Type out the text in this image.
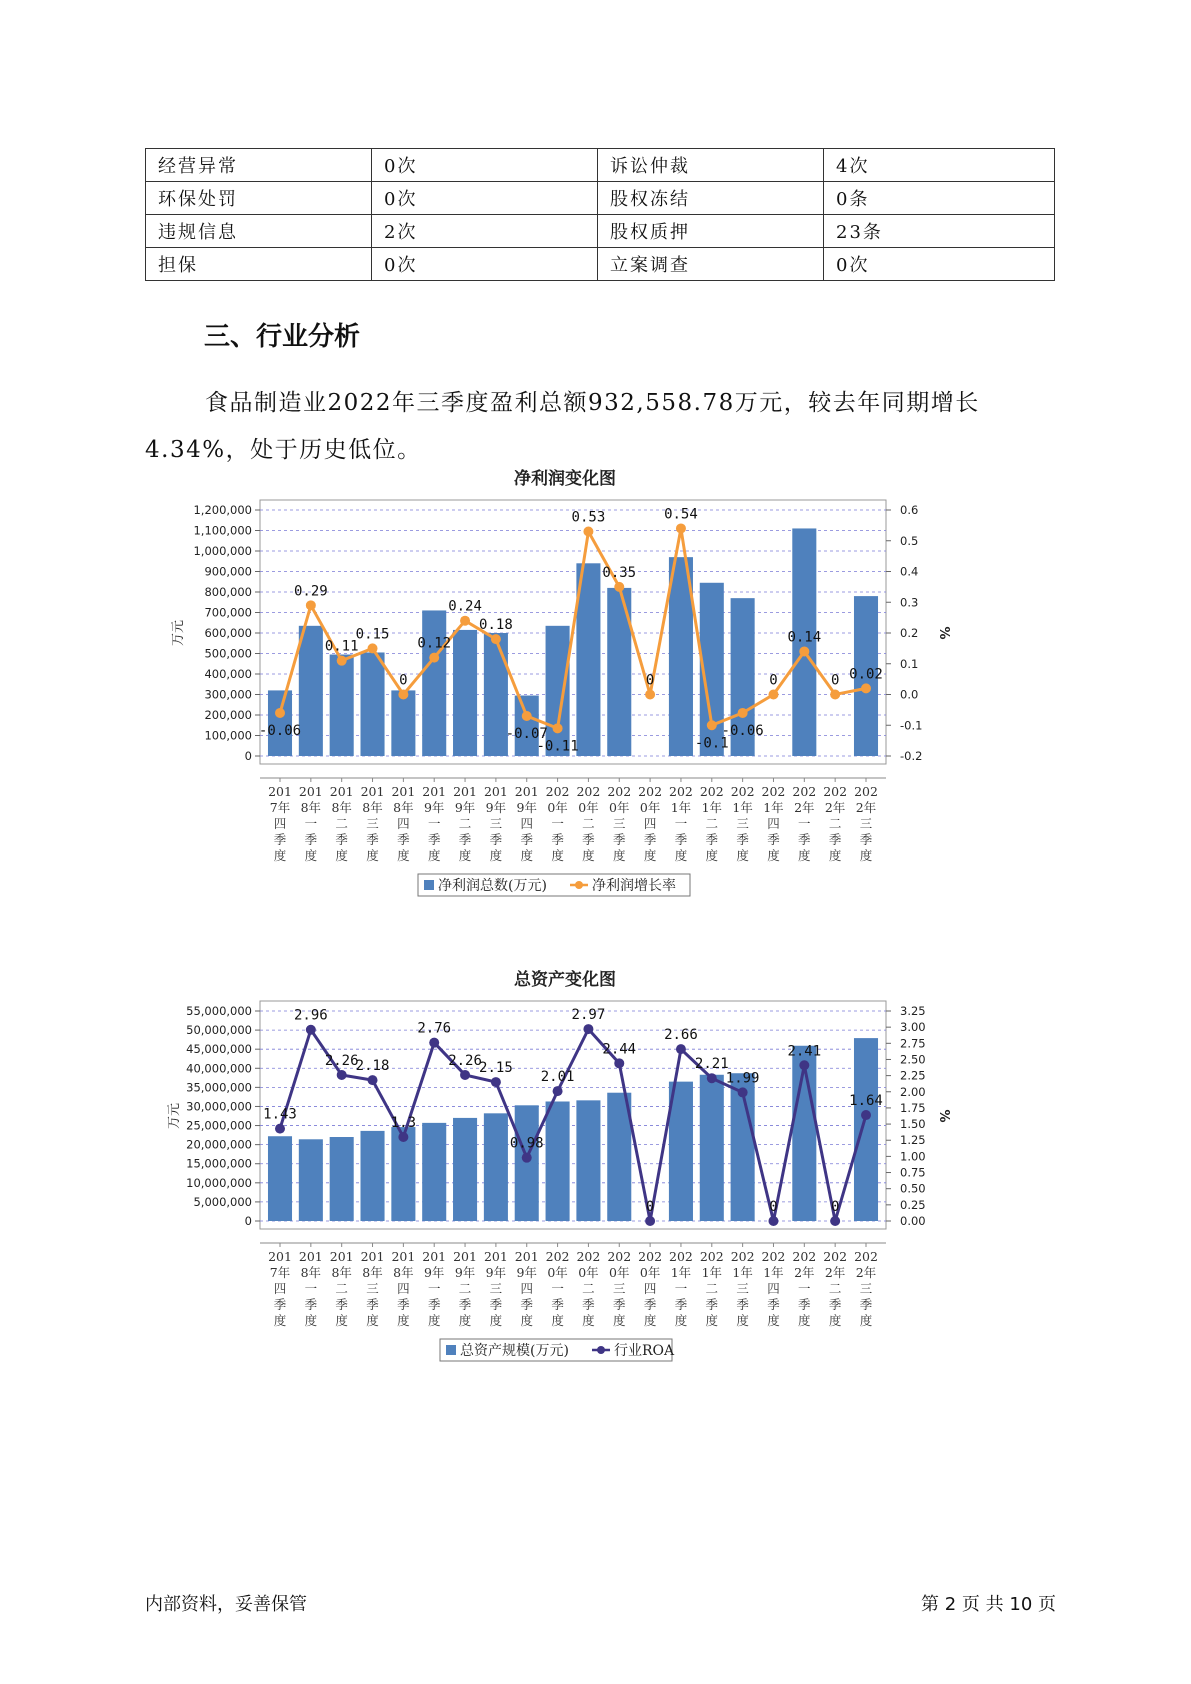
经营异常	0次	诉讼仲裁	4次
环保处罚	0次	股权冻结	0条
违规信息	2次	股权质押	23条
担保	0次	立案调查	0次
三、行业分析

食品制造业2022年三季度盈利总额932,558.78万元，较去年同期增长4.34%，处于历史低位。

净利润变化图
0
100,000
200,000
300,000
400,000
500,000
600,000
700,000
800,000
900,000
1,000,000
1,100,000
1,200,000
-0.2
-0.1
0.0
0.1
0.2
0.3
0.4
0.5
0.6
万元	%
-0.06
0.29
0.11
0.15
0
0.12
0.24
0.18
-0.07
-0.11
0.53
0.35
0
0.54
-0.1
-0.06
0
0.14
0 0.02
201
7年
四
季
度
201
8年
一
季
度
201
8年
二
季
度
201
8年
三
季
度
201
8年
四
季
度
201
9年
一
季
度
201
9年
二
季
度
201
9年
三
季
度
201
9年
四
季
度
202
0年
一
季
度
202
0年
二
季
度
202
0年
三
季
度
202
0年
四
季
度
202
1年
一
季
度
202
1年
二
季
度
202
1年
三
季
度
202
1年
四
季
度
202
2年
一
季
度
202
2年
二
季
度
202
2年
三
季
度
净利润总数(万元)	净利润增长率
总资产变化图
0
5,000,000
10,000,000
15,000,000
20,000,000
25,000,000
30,000,000
35,000,000
40,000,000
45,000,000
50,000,000
55,000,000
0.00
0.25
0.50
0.75
1.00
1.25
1.50
1.75
2.00
2.25
2.50
2.75
3.00
3.25
万元	%
1.43
2.96
2.26
2.18
1.3
2.76
2.26
2.15
0.98
2.01
2.97
2.44
0
2.66
2.21
1.99
0
2.41
0
1.64
201
7年
四
季
度
201
8年
一
季
度
201
8年
二
季
度
201
8年
三
季
度
201
8年
四
季
度
201
9年
一
季
度
201
9年
二
季
度
201
9年
三
季
度
201
9年
四
季
度
202
0年
一
季
度
202
0年
二
季
度
202
0年
三
季
度
202
0年
四
季
度
202
1年
一
季
度
202
1年
二
季
度
202
1年
三
季
度
202
1年
四
季
度
202
2年
一
季
度
202
2年
二
季
度
202
2年
三
季
度
总资产规模(万元)	行业ROA
内部资料，妥善保管	第 2 页 共 10 页
